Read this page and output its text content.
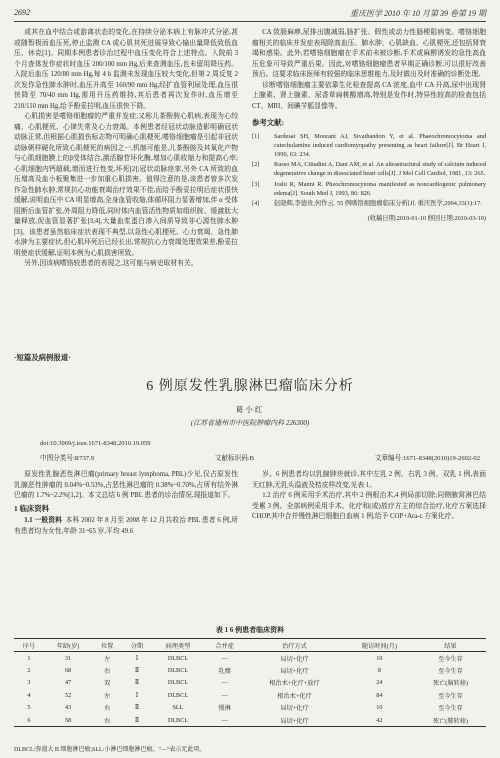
2692	重庆医学 2010 年 10 月第 39 卷第 19 期

或其在血中结合或游离状态的变化,在持续分泌本病上有脉冲式分泌,甚或随暂极而血压死,停止监测 CA 或心肌其死迸展导致心输出量降低致低血压、休克[1]。同期本例患者诊治过程中血压变化符合上述特点。入院前 3 个月查体发作症状时血压 200/100 mm Hg,后来查测血压,也未留用降压药。入院后血压 120/80 mm Hg,每 4 h 监测未发现血压较大变化,但第 2 周反复 2 次发作急性肺水肿时,血压升高至 160/90 mm Hg,经扩血管利尿处理,血压很快降至 70/40 mm Hg,需用升压药维持,其后患者再次发作时,血压增至 210/110 mm Hg,给予酚妥拉明,血压很快下降。

心肌损害是嗜铬细胞瘤的严重并发症,又称儿茶酚胺心肌病,表现为心绞痛、心肌梗死、心律失常及心力衰竭。本例患者经冠状动脉造影明确冠状动脉正常,但根据心肌损伤标志物可明确心肌梗死,嗜铬细胞瘤是引起非冠状动脉粥样硬化所致心肌梗死的病因之一,机制可能是,儿茶酚胺及其氧化产物与心肌细胞膜上的β受体结合,激活腺苷环化酶,增加心肌收缩力和提高心率;心肌细胞内钙超载,增而进行性变,坏死[2];冠状动脉痉挛,另外 CA 所致的血压增高及血小板聚集进一步加重心肌损害。值得注意的是,该患者曾多次发作急性肺水肿,常规抗心功能衰竭治疗效果不佳,而给予酚妥拉明后症状很快缓解,说明血压中 CA 明显增高,全身血管收缩,体循环阻力显著增加,伴 α 受体阻断后血管扩张,外周阻力降低,同时体内血管活性物质如组织胺、缓激肽大量释放,促血管显著扩张[3,4],大量血浆蛋白渗入间质导致非心源性肺水肿[3]。该患者虽然临床症状表现不典型,以急性心肌梗死、心力衰竭、急性肺水肿为主要症状,但心肌坏死后已经长出,常规抗心力衰竭处理效果差,酚妥拉明使症状缓解,证明本例为心肌损害所致。

另外,因该病嗜铬较患者的表现之,这可能与病史取材有关。

CA 致肠麻痹,尿排出腹减弱,肠扩张、假性或动力性肠梗阻病变。嗜铬细胞瘤相关的临床并发症表现除高血压、肺水肿、心肌缺血、心肌梗死,还包括肾衰竭和感染。此外,若嗜铬细胞瘤在手术前未被诊断,手术或麻醉诱发的急性高血压危象可导致严重后果。因此,对嗜铬细胞瘤患者早期正确诊断,可以很好改善预后。这要求临床医师有较强的临床思维能力,及时做出及时准确的诊断处理。

诊断嗜铬细胞瘤主要依靠生化检查提高 CA 浓度,血中 CA 升高,尿中出现肾上腺素、肾上腺素、尿香草扁桃酸增高,特别是发作时,特异性较高的检查包括 CT、MRI、间碘苄胍显像等。

参考文献:
[1]	Sardesai SH, Mourant AJ, Sivathandon Y, et al. Phaeochromocytoma and catecholamine induced cardiomyopathy presenting as heart failure[J]. Br Heart J, 1990, 63: 234.
[2]	Russo MA, Cittadini A, Dani AM, et al. An ultrastructural study of calcium induced degenerative change in dissociated heart cells[J]. J Mol Cell Cardiol, 1981, 13: 265.
[3]	Joshi R, Manni R. Pheochromocytoma manifested as noncardiogenic pulmonary edema[J]. South Med J, 1993, 86: 826.
[4]	赵晓辉,李德贵,何作云. 55 例嗜铬细胞瘤临床分析[J]. 重庆医学,2004,33(1):17.
(收稿日期:2010-01-10 修回日期:2010-03-10)
·短篇及病例报道·
6 例原发性乳腺淋巴瘤临床分析
葛小红
(江苏省通州市中医院肿瘤内科 226300)
doi:10.3969/j.issn.1671-8348.2010.19.059
中图分类号:R737.9	文献标识码:B	文章编号:1671-8348(2010)19-2692-02

原发性乳腺恶性淋巴瘤(primary breast lymphoma, PBL)少见,仅占原发性乳腺恶性肿瘤的 0.04%~0.53%,占恶性淋巴瘤的 0.38%~0.70%,占所有结外淋巴瘤的 1.7%~2.2%[1,2]。本文总结 6 例 PBL 患者的诊治情况,现报道如下。

1 临床资料

1.1 一般资料 本科 2002 年 8 月至 2008 年 12 月共收治 PBL 患者 6 例,所有患者均为女性,年龄 31~65 岁,平均 49.6

岁。6 例患者均以乳腺肿块就诊,其中左乳 2 例、右乳 3 例、双乳 1 例,表面无红肿,无乳头溢液及桔皮样改变,见表 1。

1.2 治疗 6 例采用手术治疗,其中 2 例根治术,4 例局部切除;同侧腋窝淋巴结受累 3 例。全部病例采用手术、化疗和(或)放疗方主的综合治疗,化疗方案选择 CHOP,其中合并慢性淋巴细胞白血病 1 例,给予 COP+Ara-c 方案化疗。

表 1 6 例患者临床资料
序号	年龄(岁)	位置	分期	病理类型	合并症	治疗方式	随访时间(月)	结果
1	31	左	Ⅰ	DLBCL	—	局切+化疗	10	至今生存
2	68	右	Ⅱ	DLBCL	乳糜	局切+化疗	8	至今生存
3	47	双	Ⅱ	DLBCL	—	根治术+化疗+放疗	24	死亡(脑转移)
4	52	左	Ⅰ	DLBCL	—	根治术+化疗	84	至今生存
5	43	右	Ⅱ	SLL	慢淋	局切+化疗	10	至今生存
6	58	右	Ⅱ	DLBCL	—	局切+化疗	42	死亡(肺转移)
DLBCL:弥漫大 B 细胞淋巴瘤;SLL:小淋巴细胞淋巴瘤。"—"表示无此项。
